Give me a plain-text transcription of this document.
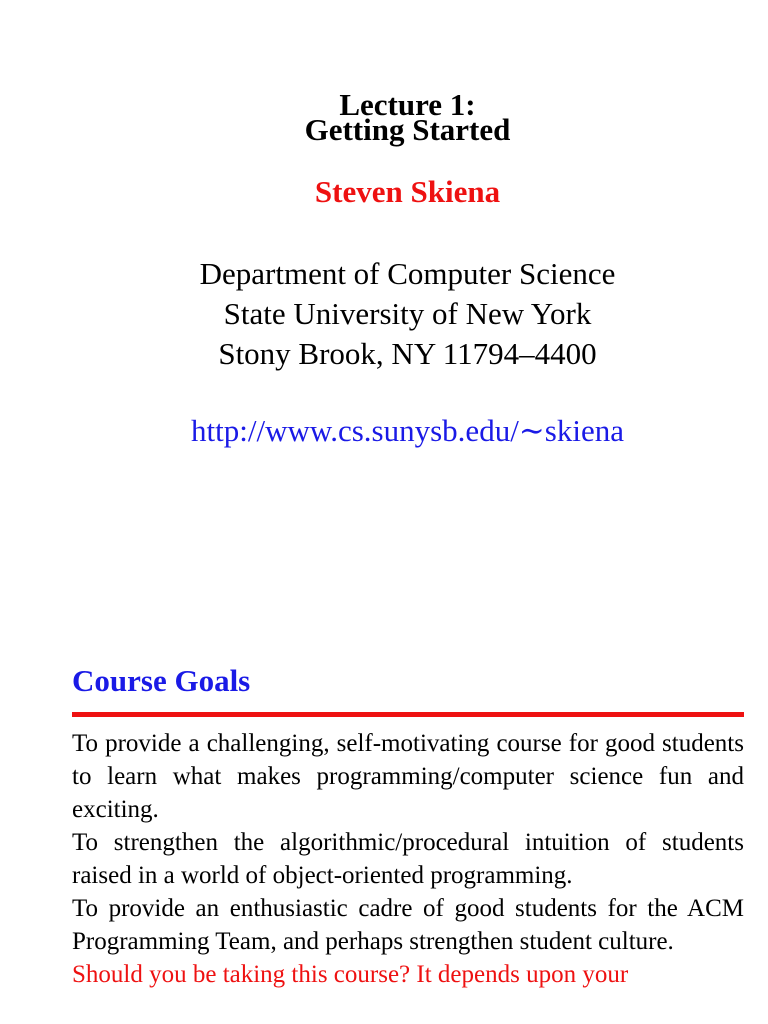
Lecture 1:
Getting Started
Steven Skiena
Department of Computer Science
State University of New York
Stony Brook, NY 11794–4400
http://www.cs.sunysb.edu/∼skiena
Course Goals

To provide a challenging, self-motivating course for good students to learn what makes programming/computer science fun and exciting.

To strengthen the algorithmic/procedural intuition of students raised in a world of object-oriented programming.

To provide an enthusiastic cadre of good students for the ACM Programming Team, and perhaps strengthen student culture.

Should you be taking this course? It depends upon your
